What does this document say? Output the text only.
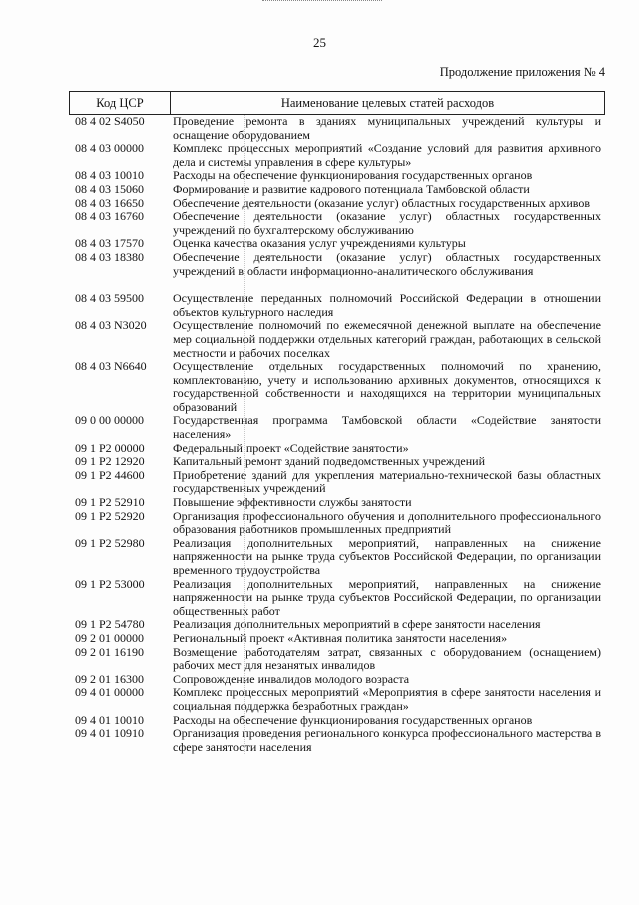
25
Продолжение приложения № 4
Код ЦСР	Наименование целевых статей расходов
08 4 02 S4050	Проведение ремонта в зданиях муниципальных учреждений культуры и оснащение оборудованием
08 4 03 00000	Комплекс процессных мероприятий «Создание условий для развития архивного дела и системы управления в сфере культуры»
08 4 03 10010	Расходы на обеспечение функционирования государственных органов
08 4 03 15060	Формирование и развитие кадрового потенциала Тамбовской области
08 4 03 16650	Обеспечение деятельности (оказание услуг) областных государственных архивов
08 4 03 16760	Обеспечение деятельности (оказание услуг) областных государственных учреждений по бухгалтерскому обслуживанию
08 4 03 17570	Оценка качества оказания услуг учреждениями культуры
08 4 03 18380	Обеспечение деятельности (оказание услуг) областных государственных учреждений в области информационно-аналитического обслуживания
08 4 03 59500	Осуществление переданных полномочий Российской Федерации в отношении объектов культурного наследия
08 4 03 N3020	Осуществление полномочий по ежемесячной денежной выплате на обеспечение мер социальной поддержки отдельных категорий граждан, работающих в сельской местности и рабочих поселках
08 4 03 N6640	Осуществление отдельных государственных полномочий по хранению, комплектованию, учету и использованию архивных документов, относящихся к государственной собственности и находящихся на территории муниципальных образований
09 0 00 00000	Государственная программа Тамбовской области «Содействие занятости населения»
09 1 Р2 00000	Федеральный проект «Содействие занятости»
09 1 Р2 12920	Капитальный ремонт зданий подведомственных учреждений
09 1 Р2 44600	Приобретение зданий для укрепления материально-технической базы областных государственных учреждений
09 1 Р2 52910	Повышение эффективности службы занятости
09 1 Р2 52920	Организация профессионального обучения и дополнительного профессионального образования работников промышленных предприятий
09 1 Р2 52980	Реализация дополнительных мероприятий, направленных на снижение напряженности на рынке труда субъектов Российской Федерации, по организации временного трудоустройства
09 1 Р2 53000	Реализация дополнительных мероприятий, направленных на снижение напряженности на рынке труда субъектов Российской Федерации, по организации общественных работ
09 1 Р2 54780	Реализация дополнительных мероприятий в сфере занятости населения
09 2 01 00000	Региональный проект «Активная политика занятости населения»
09 2 01 16190	Возмещение работодателям затрат, связанных с оборудованием (оснащением) рабочих мест для незанятых инвалидов
09 2 01 16300	Сопровождение инвалидов молодого возраста
09 4 01 00000	Комплекс процессных мероприятий «Мероприятия в сфере занятости населения и социальная поддержка безработных граждан»
09 4 01 10010	Расходы на обеспечение функционирования государственных органов
09 4 01 10910	Организация проведения регионального конкурса профессионального мастерства в сфере занятости населения
